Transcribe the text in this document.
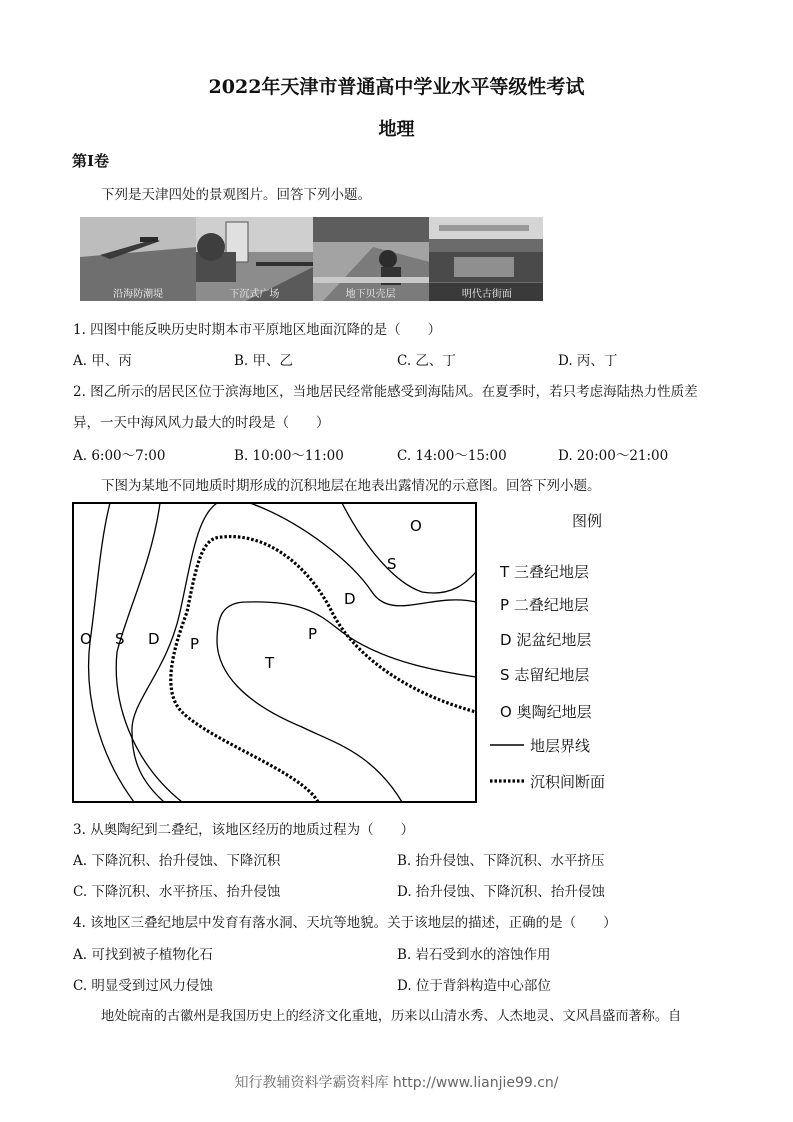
2022年天津市普通高中学业水平等级性考试
地理
第Ⅰ卷
下列是天津四处的景观图片。回答下列小题。
沿海防潮堤	下沉式广场	地下贝壳层	明代古街面
1. 四图中能反映历史时期本市平原地区地面沉降的是（　　）
A. 甲、丙	B. 甲、乙	C. 乙、丁	D. 丙、丁
2. 图乙所示的居民区位于滨海地区，当地居民经常能感受到海陆风。在夏季时，若只考虑海陆热力性质差
异，一天中海风风力最大的时段是（　　）
A. 6:00～7:00	B. 10:00～11:00	C. 14:00～15:00	D. 20:00～21:00
下图为某地不同地质时期形成的沉积地层在地表出露情况的示意图。回答下列小题。
O S D P
T
P
D
S
O	图例
T 三叠纪地层
P 二叠纪地层
D 泥盆纪地层
S 志留纪地层
O 奥陶纪地层
地层界线
沉积间断面
3. 从奥陶纪到二叠纪，该地区经历的地质过程为（　　）
A. 下降沉积、抬升侵蚀、下降沉积	B. 抬升侵蚀、下降沉积、水平挤压
C. 下降沉积、水平挤压、抬升侵蚀	D. 抬升侵蚀、下降沉积、抬升侵蚀
4. 该地区三叠纪地层中发育有落水洞、天坑等地貌。关于该地层的描述，正确的是（　　）
A. 可找到被子植物化石	B. 岩石受到水的溶蚀作用
C. 明显受到过风力侵蚀	D. 位于背斜构造中心部位
地处皖南的古徽州是我国历史上的经济文化重地，历来以山清水秀、人杰地灵、文风昌盛而著称。自
知行教辅资料学霸资料库 http://www.lianjie99.cn/
